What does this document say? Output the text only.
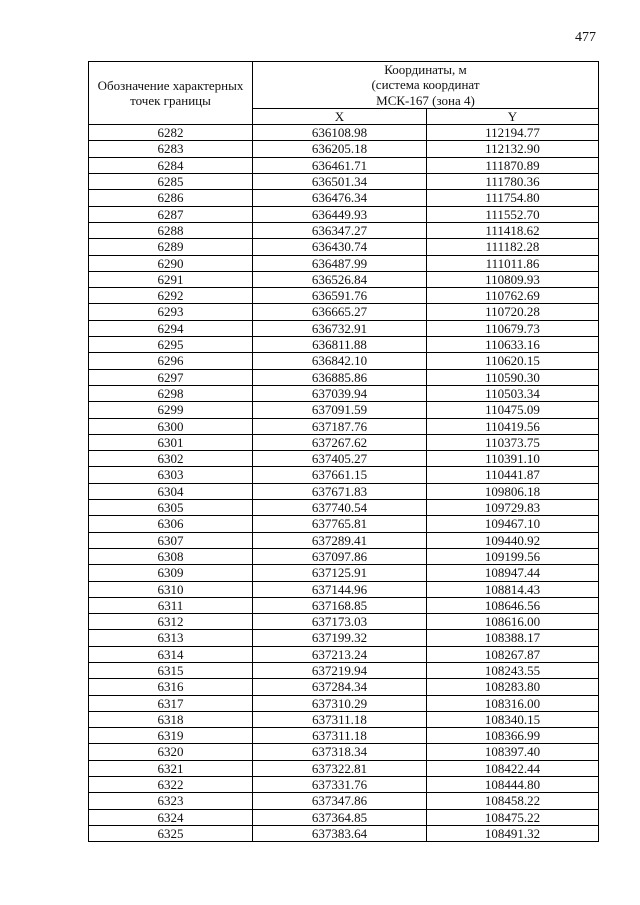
477
Обозначение характерных точек границы	Координаты, м
(система координат
МСК-167 (зона 4)	

	X	Y
6282	636108.98	112194.77
6283	636205.18	112132.90
6284	636461.71	111870.89
6285	636501.34	111780.36
6286	636476.34	111754.80
6287	636449.93	111552.70
6288	636347.27	111418.62
6289	636430.74	111182.28
6290	636487.99	111011.86
6291	636526.84	110809.93
6292	636591.76	110762.69
6293	636665.27	110720.28
6294	636732.91	110679.73
6295	636811.88	110633.16
6296	636842.10	110620.15
6297	636885.86	110590.30
6298	637039.94	110503.34
6299	637091.59	110475.09
6300	637187.76	110419.56
6301	637267.62	110373.75
6302	637405.27	110391.10
6303	637661.15	110441.87
6304	637671.83	109806.18
6305	637740.54	109729.83
6306	637765.81	109467.10
6307	637289.41	109440.92
6308	637097.86	109199.56
6309	637125.91	108947.44
6310	637144.96	108814.43
6311	637168.85	108646.56
6312	637173.03	108616.00
6313	637199.32	108388.17
6314	637213.24	108267.87
6315	637219.94	108243.55
6316	637284.34	108283.80
6317	637310.29	108316.00
6318	637311.18	108340.15
6319	637311.18	108366.99
6320	637318.34	108397.40
6321	637322.81	108422.44
6322	637331.76	108444.80
6323	637347.86	108458.22
6324	637364.85	108475.22
6325	637383.64	108491.32
